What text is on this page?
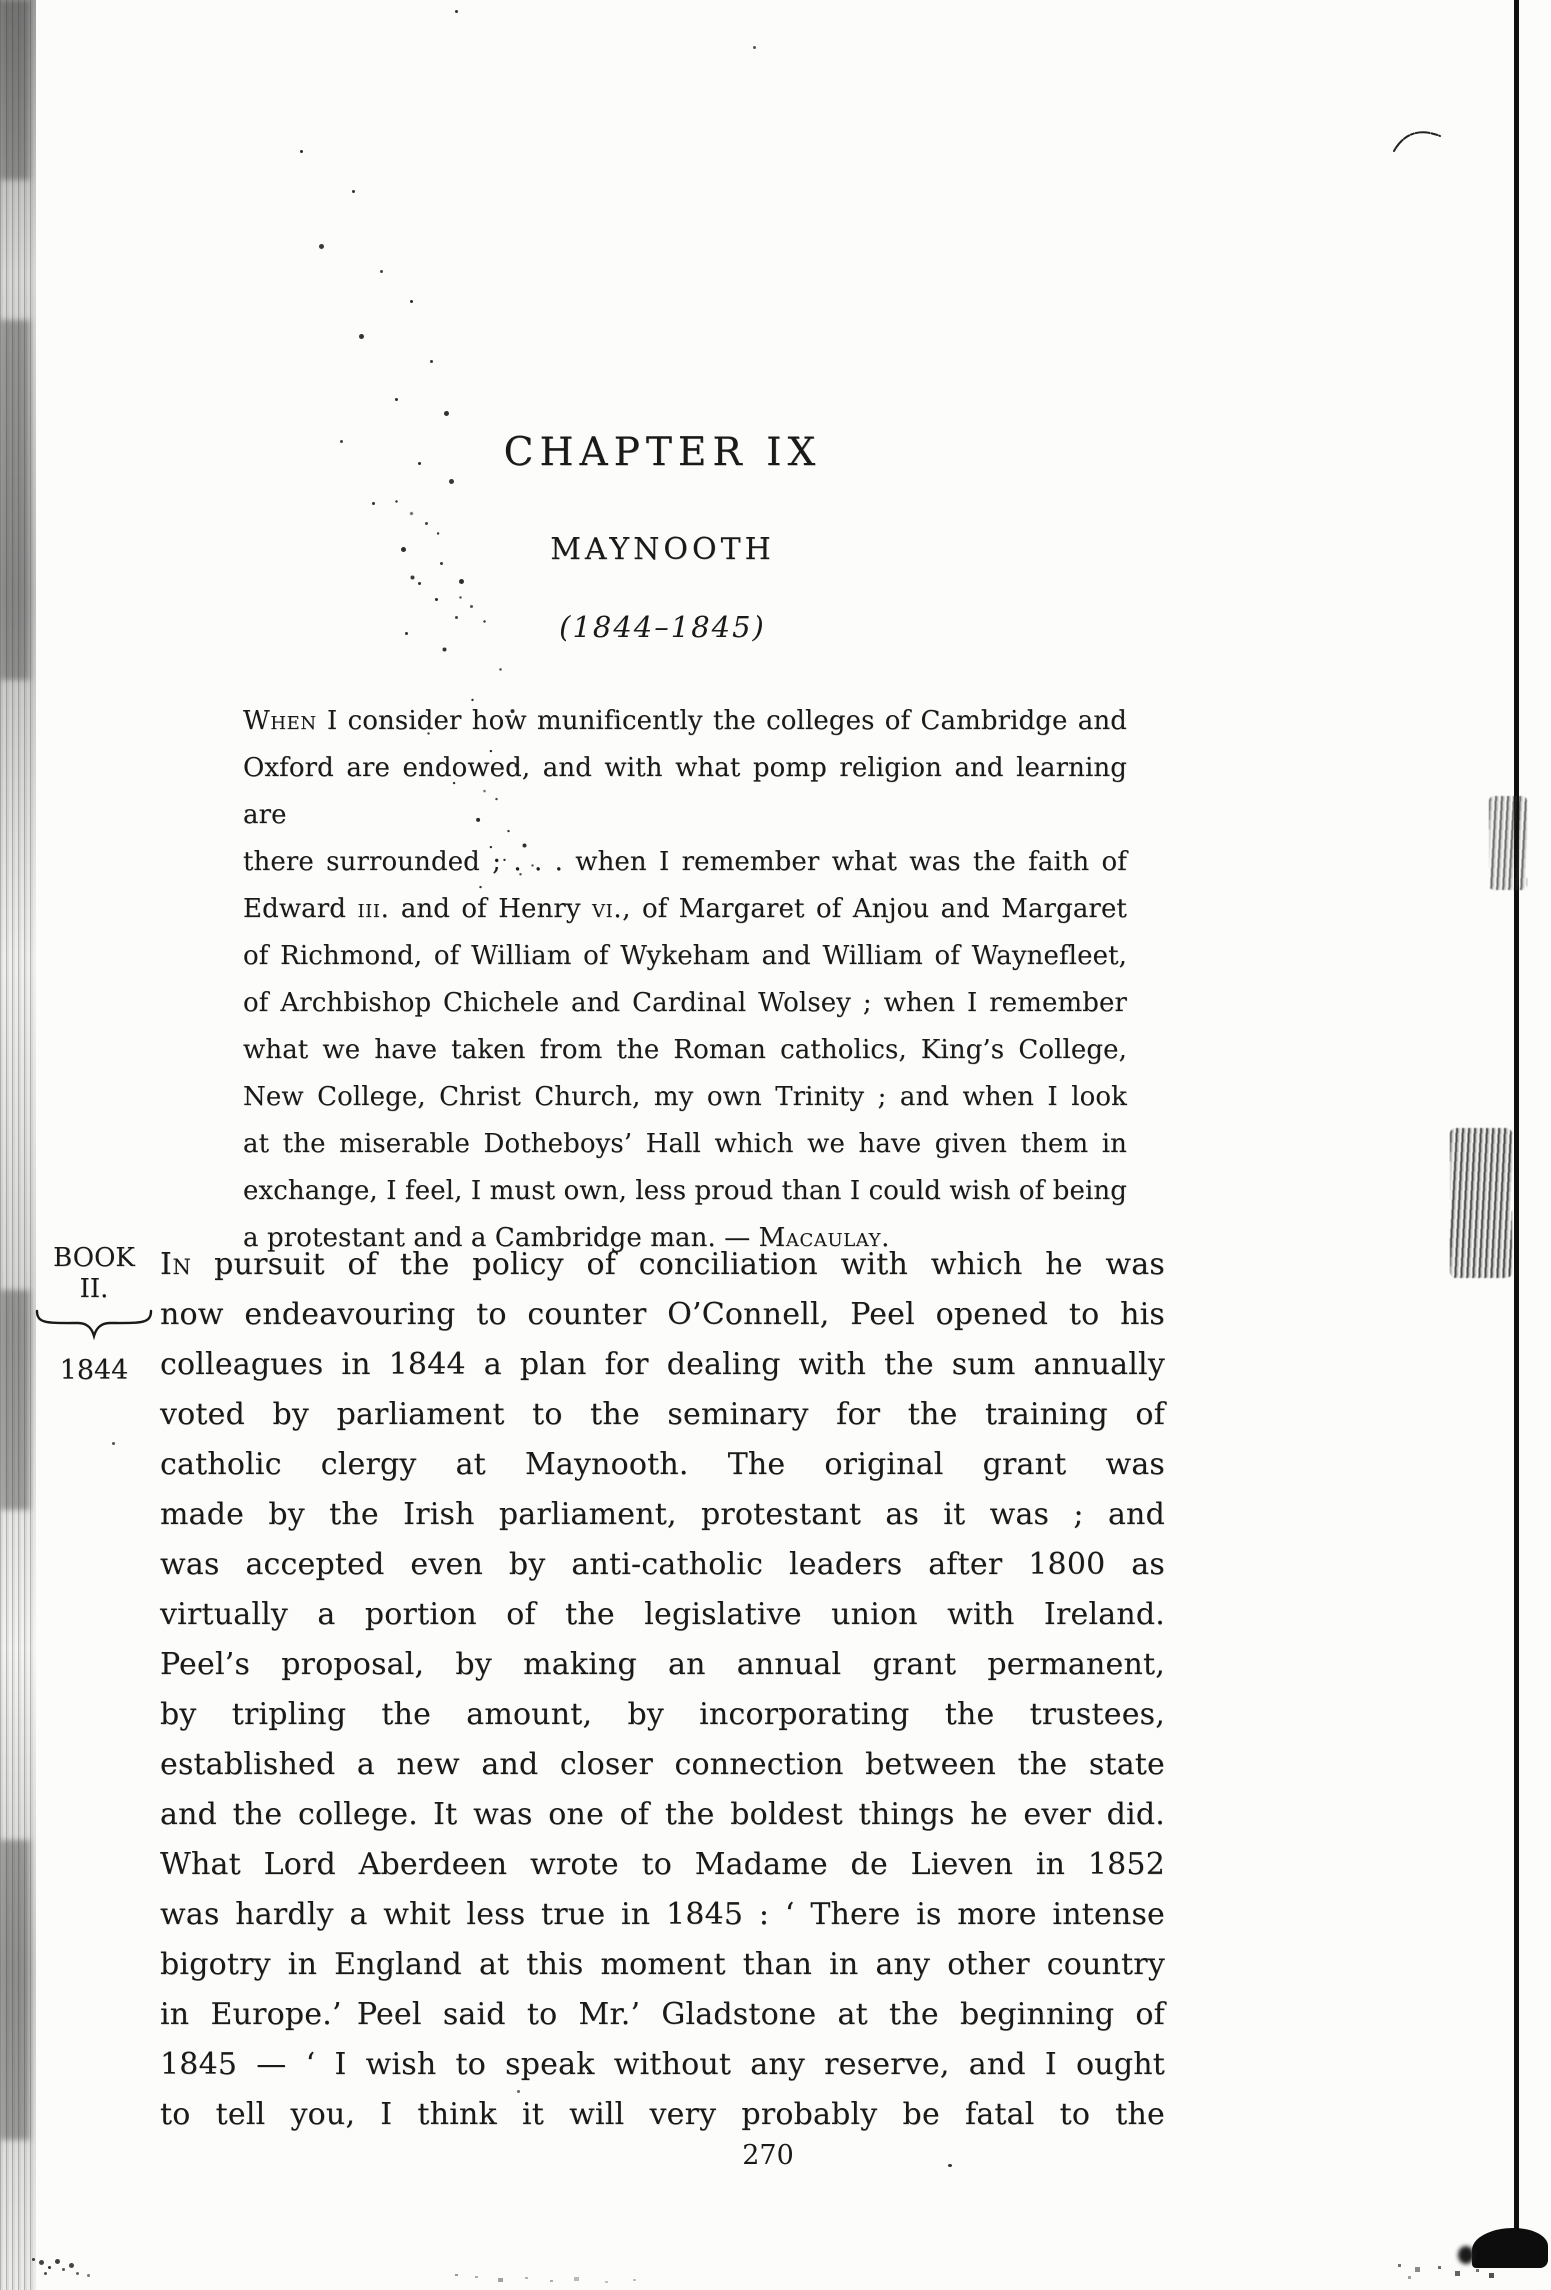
CHAPTER IX
MAYNOOTH
(1844–1845)
When I consider how munificently the colleges of Cambridge and
Oxford are endowed, and with what pomp religion and learning are
there surrounded ; . . . when I remember what was the faith of
Edward iii. and of Henry vi., of Margaret of Anjou and Margaret
of Richmond, of William of Wykeham and William of Waynefleet,
of Archbishop Chichele and Cardinal Wolsey ; when I remember
what we have taken from the Roman catholics, King’s College,
New College, Christ Church, my own Trinity ; and when I look
at the miserable Dotheboys’ Hall which we have given them in
exchange, I feel, I must own, less proud than I could wish of being
a protestant and a Cambridge man. — Macaulay.
BOOK
II.
1844
In pursuit of the policy of conciliation with which he was
now endeavouring to counter O’Connell, Peel opened to his
colleagues in 1844 a plan for dealing with the sum annually
voted by parliament to the seminary for the training of
catholic clergy at Maynooth. The original grant was
made by the Irish parliament, protestant as it was ; and
was accepted even by anti-catholic leaders after 1800 as
virtually a portion of the legislative union with Ireland.
Peel’s proposal, by making an annual grant permanent,
by tripling the amount, by incorporating the trustees,
established a new and closer connection between the state
and the college. It was one of the boldest things he ever did.
What Lord Aberdeen wrote to Madame de Lieven in 1852
was hardly a whit less true in 1845 : ‘ There is more intense
bigotry in England at this moment than in any other country
in Europe.’ Peel said to Mr.’ Gladstone at the beginning of
1845 — ‘ I wish to speak without any reserve, and I ought
to tell you, I think it will very probably be fatal to the
270
